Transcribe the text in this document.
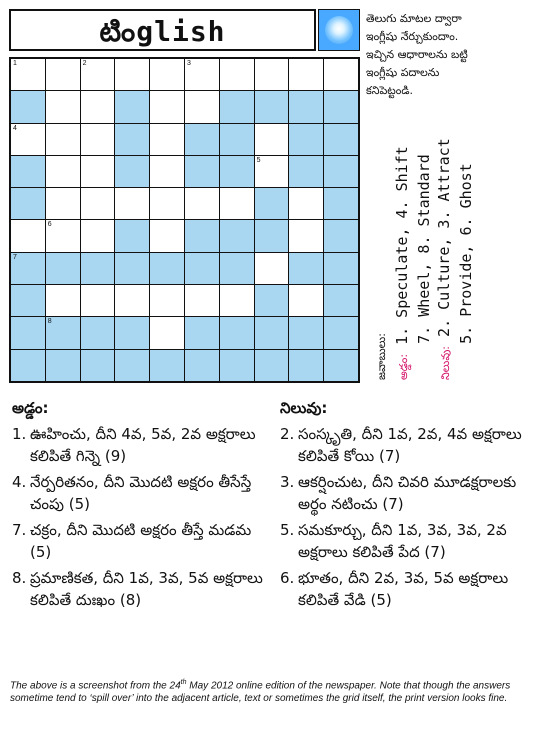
టింglish	తెలుగు మాటల ద్వారా
ఇంగ్లీషు నేర్చుకుందాం.
ఇచ్చిన ఆధారాలను బట్టి
ఇంగ్లీషు పదాలను
కనిపెట్టండి.
1	2	3
4
5
6
7
8
జవాబులు: అడ్డం: 1. Speculate, 4. Shift 7. Wheel, 8. Standard
నిలువు: 2. Culture, 3. Attract 5. Provide, 6. Ghost
అడ్డం:
1. ఊహించు, దీని 4వ, 5వ, 2వ అక్షరాలు కలిపితే గిన్నె (9)
4. నేర్పరితనం, దీని మొదటి అక్షరం తీసేస్తే చంపు (5)
7. చక్రం, దీని మొదటి అక్షరం తీస్తే మడమ (5)
8. ప్రమాణికత, దీని 1వ, 3వ, 5వ అక్షరాలు కలిపితే దుఃఖం (8)
నిలువు:
2. సంస్కృతి, దీని 1వ, 2వ, 4వ అక్షరాలు కలిపితే కోయి (7)
3. ఆకర్షించుట, దీని చివరి మూడక్షరాలకు అర్థం నటించు (7)
5. సమకూర్చు, దీని 1వ, 3వ, 3వ, 2వ అక్షరాలు కలిపితే పేద (7)
6. భూతం, దీని 2వ, 3వ, 5వ అక్షరాలు కలిపితే వేడి (5)
The above is a screenshot from the 24th May 2012 online edition of the newspaper. Note that though the answers sometime tend to ‘spill over’ into the adjacent article, text or sometimes the grid itself, the print version looks fine.
